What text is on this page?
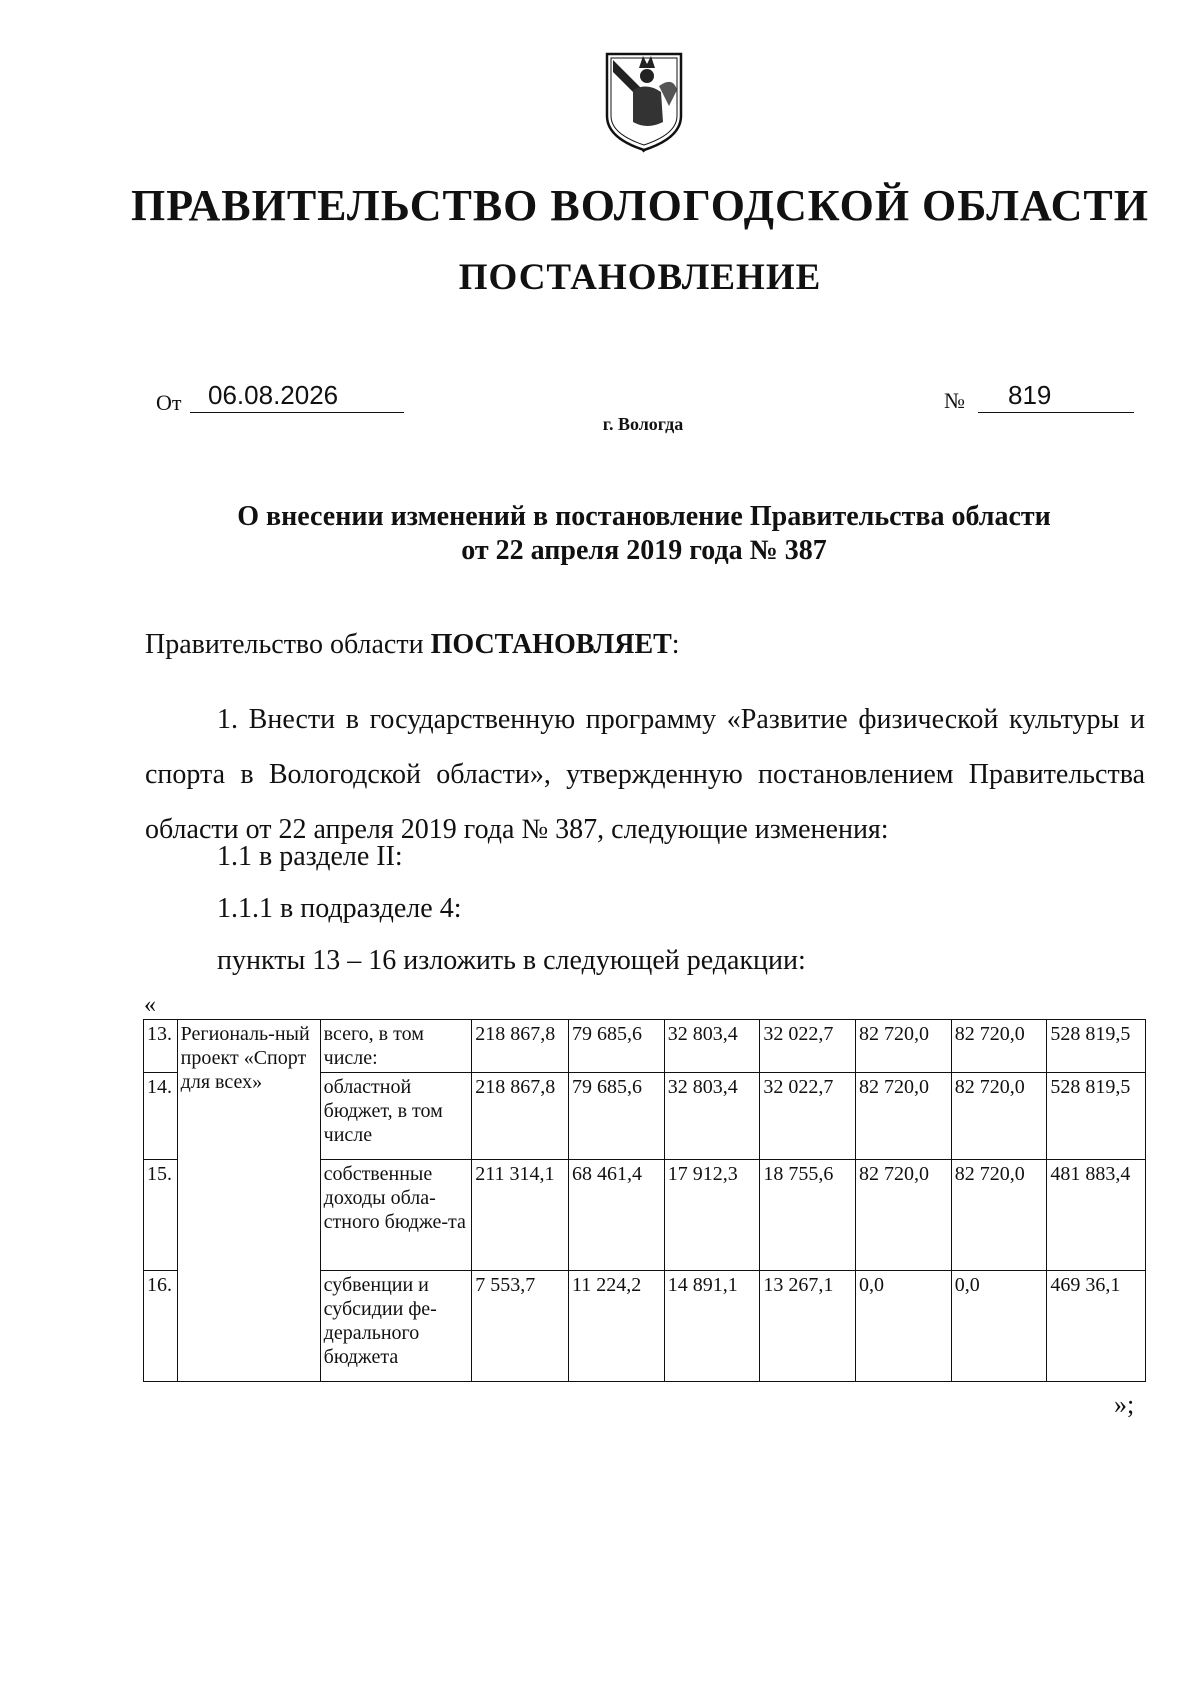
ПРАВИТЕЛЬСТВО ВОЛОГОДСКОЙ ОБЛАСТИ
ПОСТАНОВЛЕНИЕ
От	06.08.2026	№	819
г. Вологда
О внесении изменений в постановление Правительства области
от 22 апреля 2019 года № 387
Правительство области ПОСТАНОВЛЯЕТ:
1. Внести в государственную программу «Развитие физической культуры и спорта в Вологодской области», утвержденную постановлением Правительства области от 22 апреля 2019 года № 387, следующие изменения:
1.1 в разделе II:
1.1.1 в подразделе 4:
пункты 13 – 16 изложить в следующей редакции:
«
13.	Региональ-ный проект «Спорт для всех»	всего, в том числе:	218 867,8	79 685,6	32 803,4	32 022,7	82 720,0	82 720,0	528 819,5
14.		областной бюджет, в том числе	218 867,8	79 685,6	32 803,4	32 022,7	82 720,0	82 720,0	528 819,5
15.		собственные доходы обла-стного бюдже-та	211 314,1	68 461,4	17 912,3	18 755,6	82 720,0	82 720,0	481 883,4
16.		субвенции и субсидии фе-дерального бюджета	7 553,7	11 224,2	14 891,1	13 267,1	0,0	0,0	469 36,1
»;
